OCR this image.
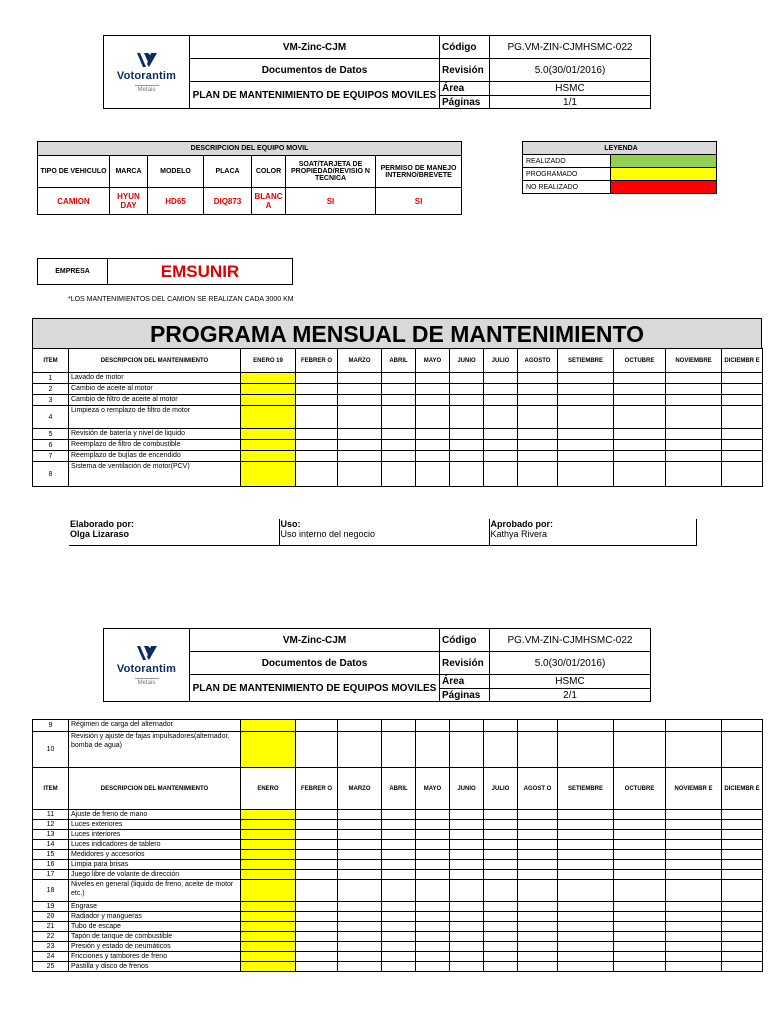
Votorantim
Metais	VM-Zinc-CJM	Código	PG.VM-ZIN-CJMHSMC-022
	Documentos de Datos	Revisión	5.0(30/01/2016)
	PLAN DE MANTENIMIENTO DE EQUIPOS MOVILES	Área	HSMC
		Páginas	1/1
DESCRIPCION DEL EQUIPO MOVIL						
TIPO DE VEHICULO	MARCA	MODELO	PLACA	COLOR	SOAT/TARJETA DE PROPIEDAD/REVISIO N TECNICA	PERMISO DE MANEJO INTERNO/BREVETE
CAMION	HYUN DAY	HD65	DIQ873	BLANC A	SI	SI
LEYENDA	
REALIZADO	
PROGRAMADO	
NO REALIZADO	
EMPRESA	EMSUNIR
*LOS MANTENIMIENTOS DEL CAMION SE REALIZAN CADA 3000 KM
PROGRAMA MENSUAL DE MANTENIMIENTO
ITEM	DESCRIPCION DEL MANTENIMIENTO	ENERO 19	FEBRER O	MARZO	ABRIL	MAYO	JUNIO	JULIO	AGOSTO	SETIEMBRE	OCTUBRE	NOVIEMBRE	DICIEMBR E
1	Lavado de motor												
2	Cambio de aceite al motor												
3	Cambio de filtro de aceite al motor												
4	Limpieza o remplazo de filtro de motor												
5	Revisión de batería y nivel de liquido												
6	Reemplazo de filtro de combustible												
7	Reemplazo de bujías de encendido												
8	Sistema de ventilación de motor(PCV)												
Elaborado por:
Olga Lizaraso

Uso:
Uso interno del negocio

Aprobado por:
Kathya Rivera
Votorantim
Metais	VM-Zinc-CJM	Código	PG.VM-ZIN-CJMHSMC-022
	Documentos de Datos	Revisión	5.0(30/01/2016)
	PLAN DE MANTENIMIENTO DE EQUIPOS MOVILES	Área	HSMC
		Páginas	2/1
9	Régimen de carga del alternador												
10	Revisión y ajuste de fajas impulsadores(alternador, bomba de agua)												
ITEM	DESCRIPCION DEL MANTENIMIENTO	ENERO	FEBRER O	MARZO	ABRIL	MAYO	JUNIO	JULIO	AGOST O	SETIEMBRE	OCTUBRE	NOVIEMBR E	DICIEMBR E
11	Ajuste de freno de mano												
12	Luces exteriores												
13	Luces interiores												
14	Luces indicadores de tablero												
15	Medidores y accesorios												
16	Limpia para brisas												
17	Juego libre de volante de dirección												
18	Niveles en general (liquido de freno, aceite de motor etc.)												
19	Engrase												
20	Radiador y mangueras												
21	Tubo de escape												
22	Tapón de tanque de combustible												
23	Presión y estado de neumáticos												
24	Fricciones y tambores de freno												
25	Pastilla y disco de frenos												
